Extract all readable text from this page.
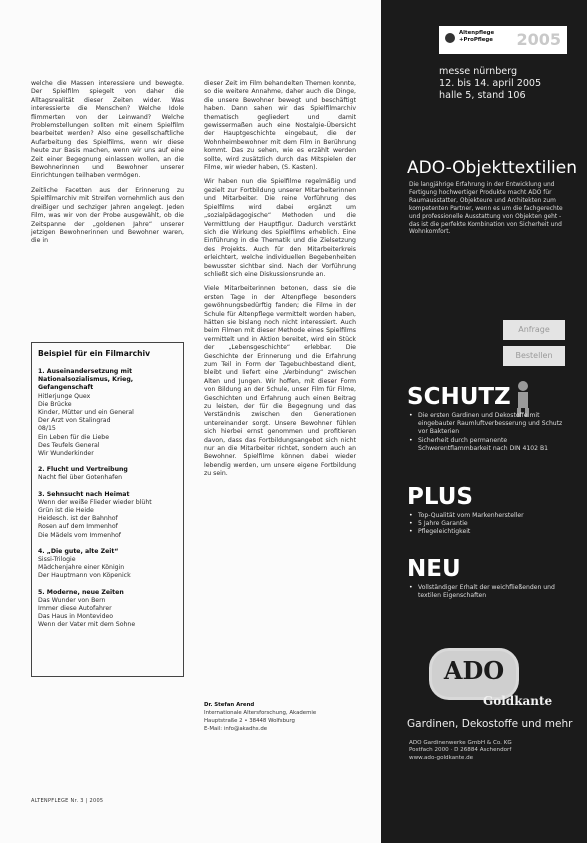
welche die Massen interessiere und bewegte. Der Spielfilm spiegelt von daher die Alltagsrealität dieser Zeiten wider. Was interessierte die Menschen? Welche Idole flimmerten von der Leinwand? Welche Problemstellungen sollten mit einem Spielfilm bearbeitet werden? Also eine gesellschaftliche Aufarbeitung des Spielfilms, wenn wir diese heute zur Basis machen, wenn wir uns auf eine Zeit einer Begegnung einlassen wollen, an die Bewohnerinnen und Bewohner unserer Einrichtungen teilhaben vermögen.

Zeitliche Facetten aus der Erinnerung zu Spielfilmarchiv mit Streifen vornehmlich aus den dreißiger und sechziger Jahren angelegt. Jeden Film, was wir von der Probe ausgewählt, ob die Zeitspanne der „goldenen Jahre“ unserer jetzigen Bewohnerinnen und Bewohner waren, die in

dieser Zeit im Film behandelten Themen konnte, so die weitere Annahme, daher auch die Dinge, die unsere Bewohner bewegt und beschäftigt haben. Dann sahen wir das Spielfilmarchiv thematisch gegliedert und damit gewissermaßen auch eine Nostalgie-Übersicht der Hauptgeschichte eingebaut, die der Wohnheimbewohner mit dem Film in Berührung kommt. Das zu sehen, wie es erzählt werden sollte, wird zusätzlich durch das Mitspielen der Filme, wir wieder haben, (S. Kasten).

Wir haben nun die Spielfilme regelmäßig und gezielt zur Fortbildung unserer Mitarbeiterinnen und Mitarbeiter. Die reine Vorführung des Spielfilms wird dabei ergänzt um „sozialpädagogische“ Methoden und die Vermittlung der Hauptfigur. Dadurch verstärkt sich die Wirkung des Spielfilms erheblich. Eine Einführung in die Thematik und die Zielsetzung des Projekts. Auch für den Mitarbeiterkreis erleichtert, welche individuellen Begebenheiten bewusster sichtbar sind. Nach der Vorführung schließt sich eine Diskussionsrunde an.

Viele Mitarbeiterinnen betonen, dass sie die ersten Tage in der Altenpflege besonders gewöhnungsbedürftig fanden; die Filme in der Schule für Altenpflege vermittelt worden haben, hätten sie bislang noch nicht interessiert. Auch beim Filmen mit dieser Methode eines Spielfilms vermittelt und in Aktion bereitet, wird ein Stück der „Lebensgeschichte“ erlebbar. Die Geschichte der Erinnerung und die Erfahrung zum Teil in Form der Tagebuchbestand dient, bleibt und liefert eine „Verbindung“ zwischen Alten und Jungen. Wir hoffen, mit dieser Form von Bildung an der Schule, unser Film für Filme, Geschichten und Erfahrung auch einen Beitrag zu leisten, der für die Begegnung und das Verständnis zwischen den Generationen untereinander sorgt. Unsere Bewohner fühlen sich hierbei ernst genommen und profitieren davon, dass das Fortbildungsangebot sich nicht nur an die Mitarbeiter richtet, sondern auch an Bewohner. Spielfilme können dabei wieder lebendig werden, um unsere eigene Fortbildung zu sein.

Beispiel für ein Filmarchiv
1. Auseinandersetzung mit Nationalsozialismus, Krieg, Gefangenschaft
Hitlerjunge Quex
Die Brücke
Kinder, Mütter und ein General
Der Arzt von Stalingrad
08/15
Ein Leben für die Liebe
Des Teufels General
Wir Wunderkinder
2. Flucht und Vertreibung
Nacht fiel über Gotenhafen
3. Sehnsucht nach Heimat
Wenn der weiße Flieder wieder blüht
Grün ist die Heide
Heidesch. ist der Bahnhof
Rosen auf dem Immenhof
Die Mädels vom Immenhof
4. „Die gute, alte Zeit“
Sissi-Trilogie
Mädchenjahre einer Königin
Der Hauptmann von Köpenick
5. Moderne, neue Zeiten
Das Wunder von Bern
Immer diese Autofahrer
Das Haus in Montevideo
Wenn der Vater mit dem Sohne
Dr. Stefan Arend
Internationale Altersforschung, Akademie
Hauptstraße 2 • 38448 Wolfsburg
E-Mail: info@akadhs.de
ALTENPFLEGE Nr. 3 | 2005
Altenpflege
+ProPflege 2005
messe nürnberg
12. bis 14. april 2005
halle 5, stand 106
ADO-Objekttextilien
Die langjährige Erfahrung in der Entwicklung und Fertigung hochwertiger Produkte macht ADO für Raumausstatter, Objekteure und Architekten zum kompetenten Partner, wenn es um die fachgerechte und professionelle Ausstattung von Objekten geht - das ist die perfekte Kombination von Sicherheit und Wohnkomfort.
Anfrage
Bestellen
SCHUTZ
• Die ersten Gardinen und Dekostoffe mit eingebauter Raumluftverbesserung und Schutz vor Bakterien
• Sicherheit durch permanente Schwerentflammbarkeit nach DIN 4102 B1
PLUS
• Top-Qualität vom Markenhersteller
• 5 Jahre Garantie
• Pflegeleichtigkeit
NEU
• Vollständiger Erhalt der weichfließenden und textilen Eigenschaften
ADO
Goldkante
Gardinen, Dekostoffe und mehr
ADO Gardinenwerke GmbH & Co. KG
Postfach 2000 · D 26884 Aschendorf
www.ado-goldkante.de
